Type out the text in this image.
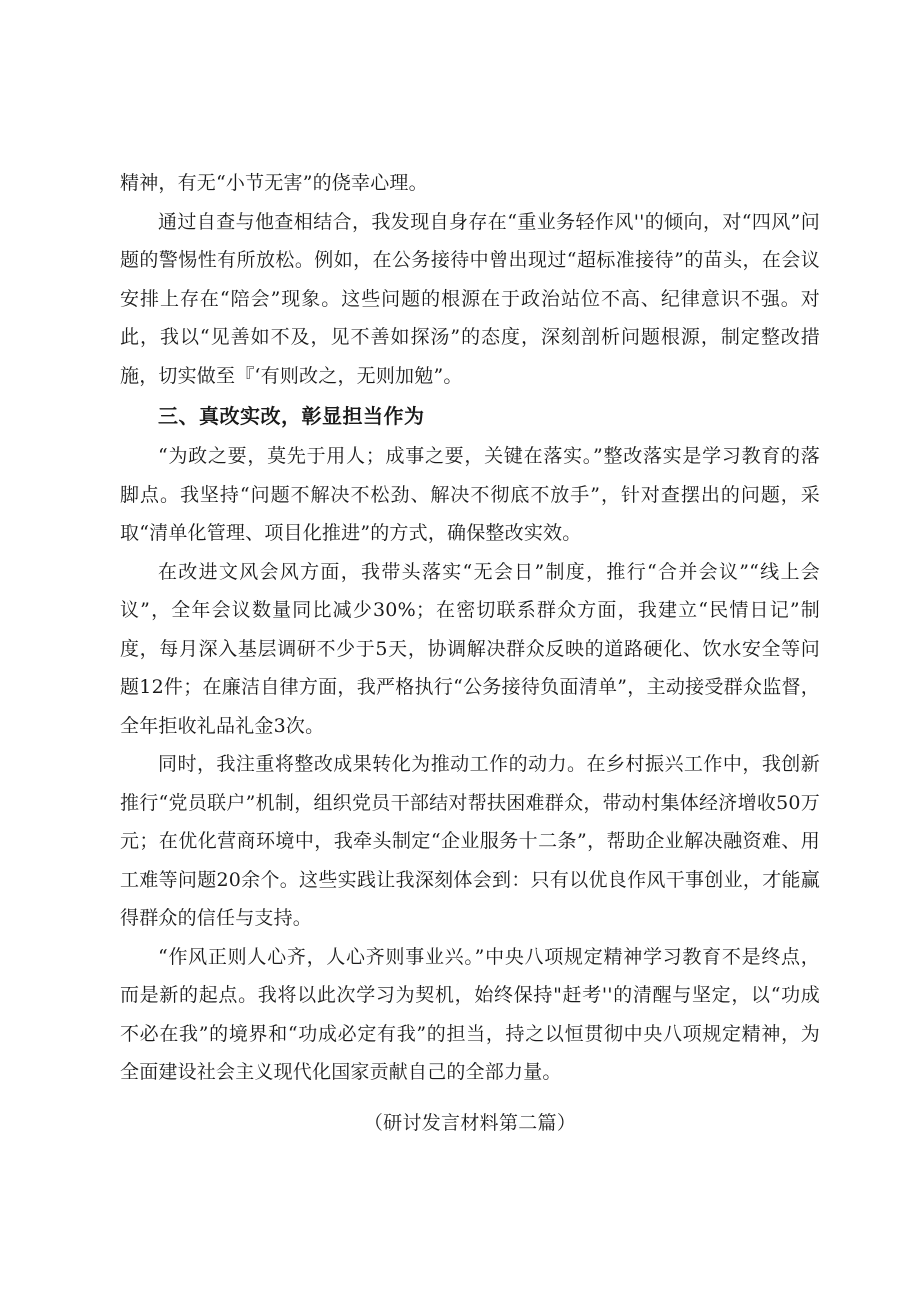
精神，有无“小节无害”的侥幸心理。

通过自查与他查相结合，我发现自身存在“重业务轻作风''的倾向，对“四风”问题的警惕性有所放松。例如，在公务接待中曾出现过“超标准接待”的苗头，在会议安排上存在“陪会”现象。这些问题的根源在于政治站位不高、纪律意识不强。对此，我以“见善如不及，见不善如探汤”的态度，深刻剖析问题根源，制定整改措施，切实做至『‘有则改之，无则加勉”。

三、真改实改，彰显担当作为

“为政之要，莫先于用人；成事之要，关键在落实。”整改落实是学习教育的落脚点。我坚持“问题不解决不松劲、解决不彻底不放手”，针对查摆出的问题，采取“清单化管理、项目化推进”的方式，确保整改实效。

在改进文风会风方面，我带头落实“无会日”制度，推行“合并会议”“线上会议”，全年会议数量同比减少30%；在密切联系群众方面，我建立“民情日记”制度，每月深入基层调研不少于5天，协调解决群众反映的道路硬化、饮水安全等问题12件；在廉洁自律方面，我严格执行“公务接待负面清单”，主动接受群众监督，全年拒收礼品礼金3次。

同时，我注重将整改成果转化为推动工作的动力。在乡村振兴工作中，我创新推行“党员联户”机制，组织党员干部结对帮扶困难群众，带动村集体经济增收50万元；在优化营商环境中，我牵头制定“企业服务十二条”，帮助企业解决融资难、用工难等问题20余个。这些实践让我深刻体会到：只有以优良作风干事创业，才能赢得群众的信任与支持。

“作风正则人心齐，人心齐则事业兴。”中央八项规定精神学习教育不是终点，而是新的起点。我将以此次学习为契机，始终保持"赶考''的清醒与坚定，以“功成不必在我”的境界和“功成必定有我”的担当，持之以恒贯彻中央八项规定精神，为全面建设社会主义现代化国家贡献自己的全部力量。

（研讨发言材料第二篇）
